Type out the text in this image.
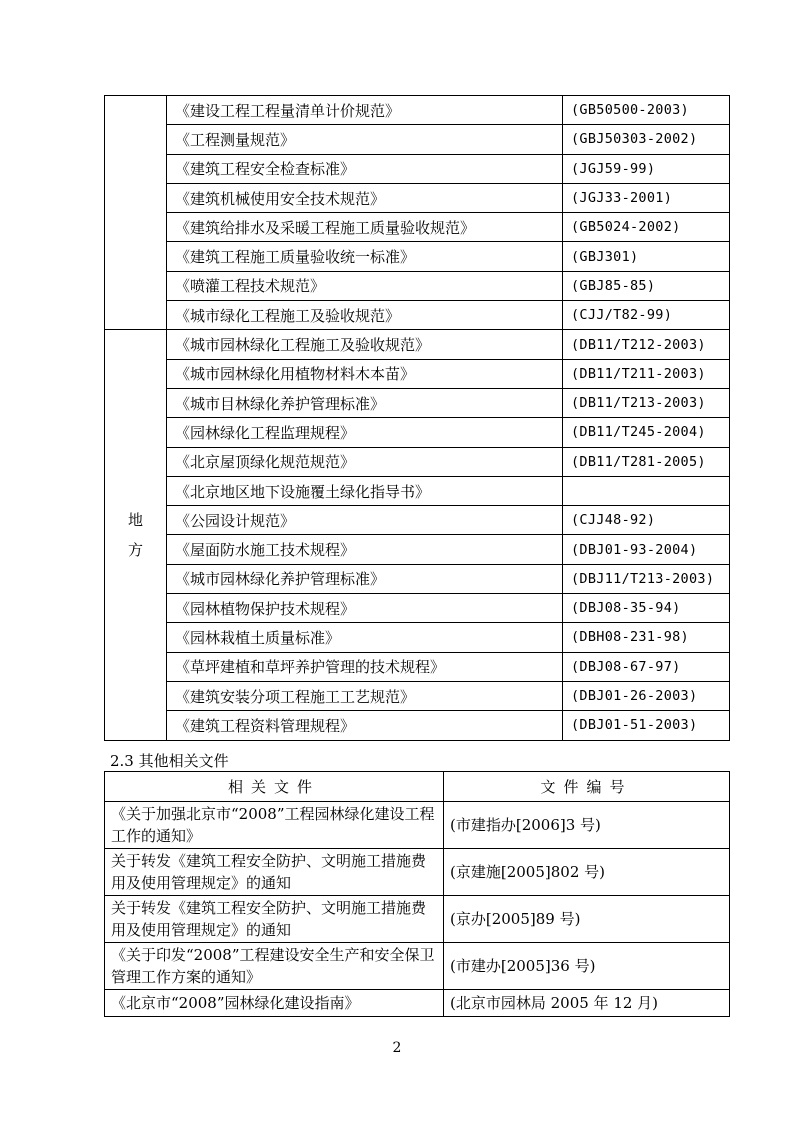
	《建设工程工程量清单计价规范》	(GB50500-2003)
	《工程测量规范》	(GBJ50303-2002)
	《建筑工程安全检查标准》	(JGJ59-99)
	《建筑机械使用安全技术规范》	(JGJ33-2001)
	《建筑给排水及采暖工程施工质量验收规范》	(GB5024-2002)
	《建筑工程施工质量验收统一标准》	(GBJ301)
	《喷灌工程技术规范》	(GBJ85-85)
	《城市绿化工程施工及验收规范》	(CJJ/T82-99)

地
方	《城市园林绿化工程施工及验收规范》	(DB11/T212-2003)
	《城市园林绿化用植物材料木本苗》	(DB11/T211-2003)
	《城市目林绿化养护管理标准》	(DB11/T213-2003)
	《园林绿化工程监理规程》	(DB11/T245-2004)
	《北京屋顶绿化规范规范》	(DB11/T281-2005)
	《北京地区地下设施覆土绿化指导书》	
	《公园设计规范》	(CJJ48-92)
	《屋面防水施工技术规程》	(DBJ01-93-2004)
	《城市园林绿化养护管理标准》	(DBJ11/T213-2003)
	《园林植物保护技术规程》	(DBJ08-35-94)
	《园林栽植土质量标准》	(DBH08-231-98)
	《草坪建植和草坪养护管理的技术规程》	(DBJ08-67-97)
	《建筑安装分项工程施工工艺规范》	(DBJ01-26-2003)
	《建筑工程资料管理规程》	(DBJ01-51-2003)
2.3 其他相关文件
相关文件	文件编号
《关于加强北京市“2008”工程园林绿化建设工程工作的通知》	(市建指办[2006]3 号)
关于转发《建筑工程安全防护、文明施工措施费用及使用管理规定》的通知	(京建施[2005]802 号)
关于转发《建筑工程安全防护、文明施工措施费用及使用管理规定》的通知	(京办[2005]89 号)
《关于印发“2008”工程建设安全生产和安全保卫管理工作方案的通知》	(市建办[2005]36 号)
《北京市“2008”园林绿化建设指南》	(北京市园林局 2005 年 12 月)
2
